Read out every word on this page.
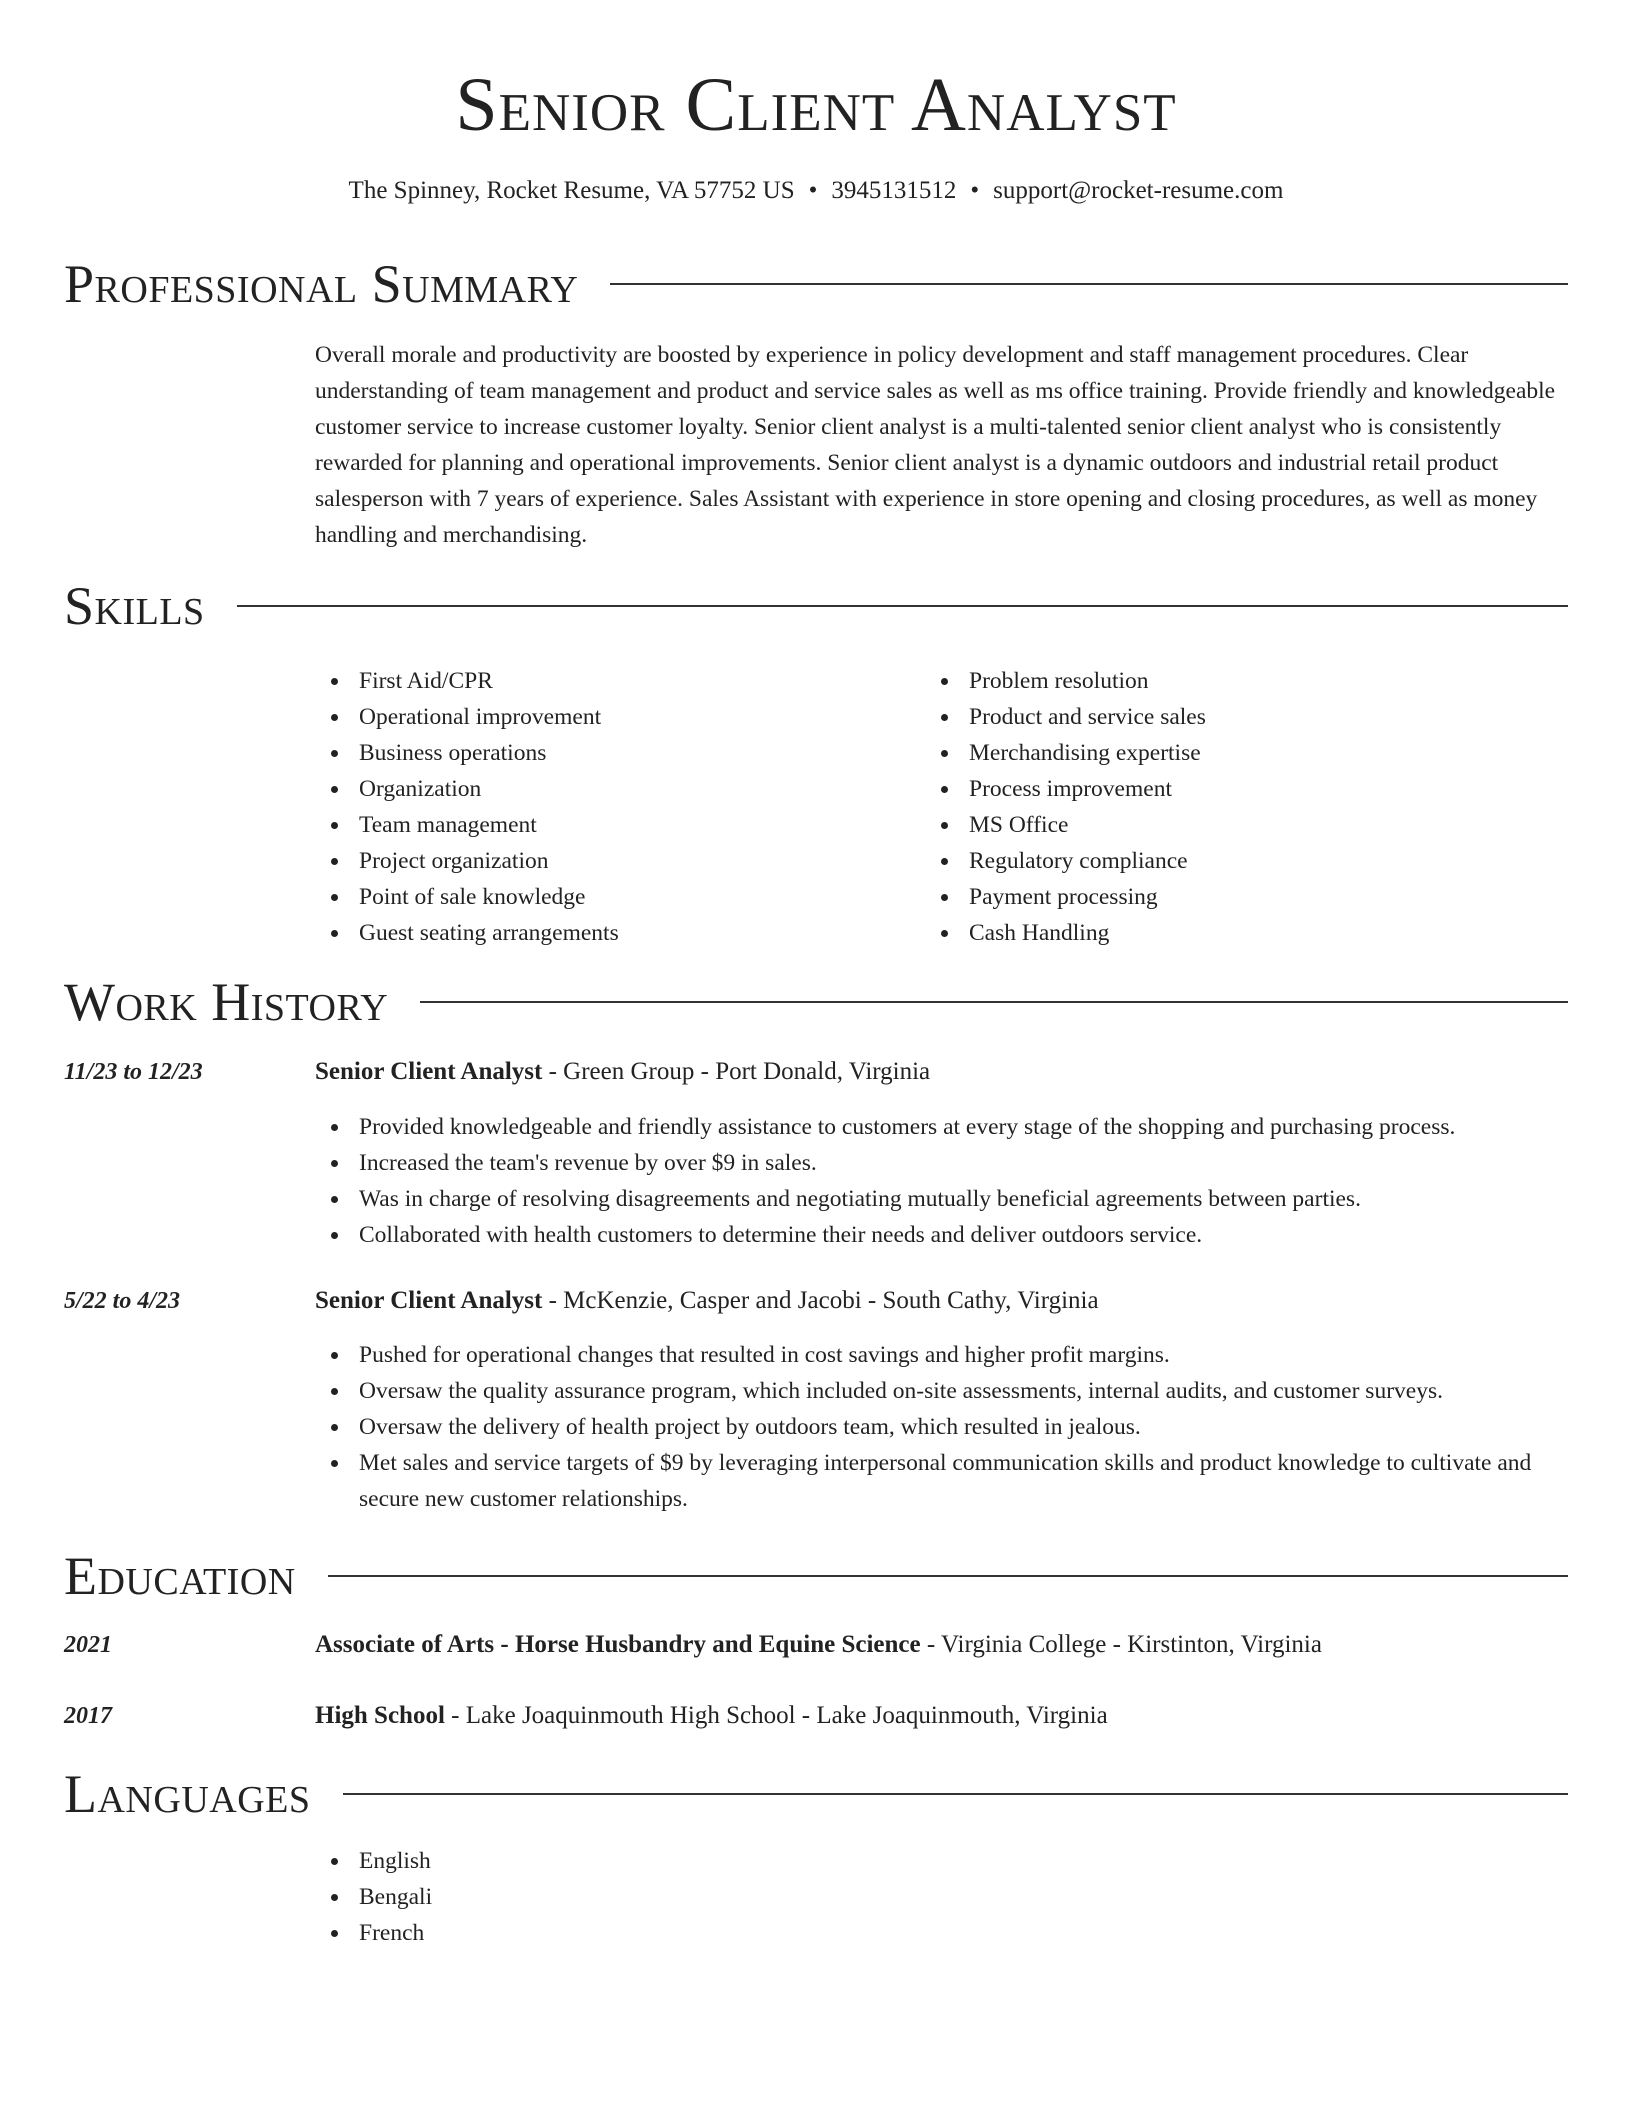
Senior Client Analyst
The Spinney, Rocket Resume, VA 57752 US • 3945131512 • support@rocket-resume.com
Professional Summary

Overall morale and productivity are boosted by experience in policy development and staff management procedures. Clear understanding of team management and product and service sales as well as ms office training. Provide friendly and knowledgeable customer service to increase customer loyalty. Senior client analyst is a multi-talented senior client analyst who is consistently rewarded for planning and operational improvements. Senior client analyst is a dynamic outdoors and industrial retail product salesperson with 7 years of experience. Sales Assistant with experience in store opening and closing procedures, as well as money handling and merchandising.

Skills
First Aid/CPR
Operational improvement
Business operations
Organization
Team management
Project organization
Point of sale knowledge
Guest seating arrangements
Problem resolution
Product and service sales
Merchandising expertise
Process improvement
MS Office
Regulatory compliance
Payment processing
Cash Handling
Work History
11/23 to 12/23	Senior Client Analyst - Green Group - Port Donald, Virginia
Provided knowledgeable and friendly assistance to customers at every stage of the shopping and purchasing process.
Increased the team's revenue by over $9 in sales.
Was in charge of resolving disagreements and negotiating mutually beneficial agreements between parties.
Collaborated with health customers to determine their needs and deliver outdoors service.
5/22 to 4/23	Senior Client Analyst - McKenzie, Casper and Jacobi - South Cathy, Virginia
Pushed for operational changes that resulted in cost savings and higher profit margins.
Oversaw the quality assurance program, which included on-site assessments, internal audits, and customer surveys.
Oversaw the delivery of health project by outdoors team, which resulted in jealous.
Met sales and service targets of $9 by leveraging interpersonal communication skills and product knowledge to cultivate and secure new customer relationships.
Education
2021	Associate of Arts - Horse Husbandry and Equine Science - Virginia College - Kirstinton, Virginia
2017	High School - Lake Joaquinmouth High School - Lake Joaquinmouth, Virginia
Languages
English
Bengali
French
